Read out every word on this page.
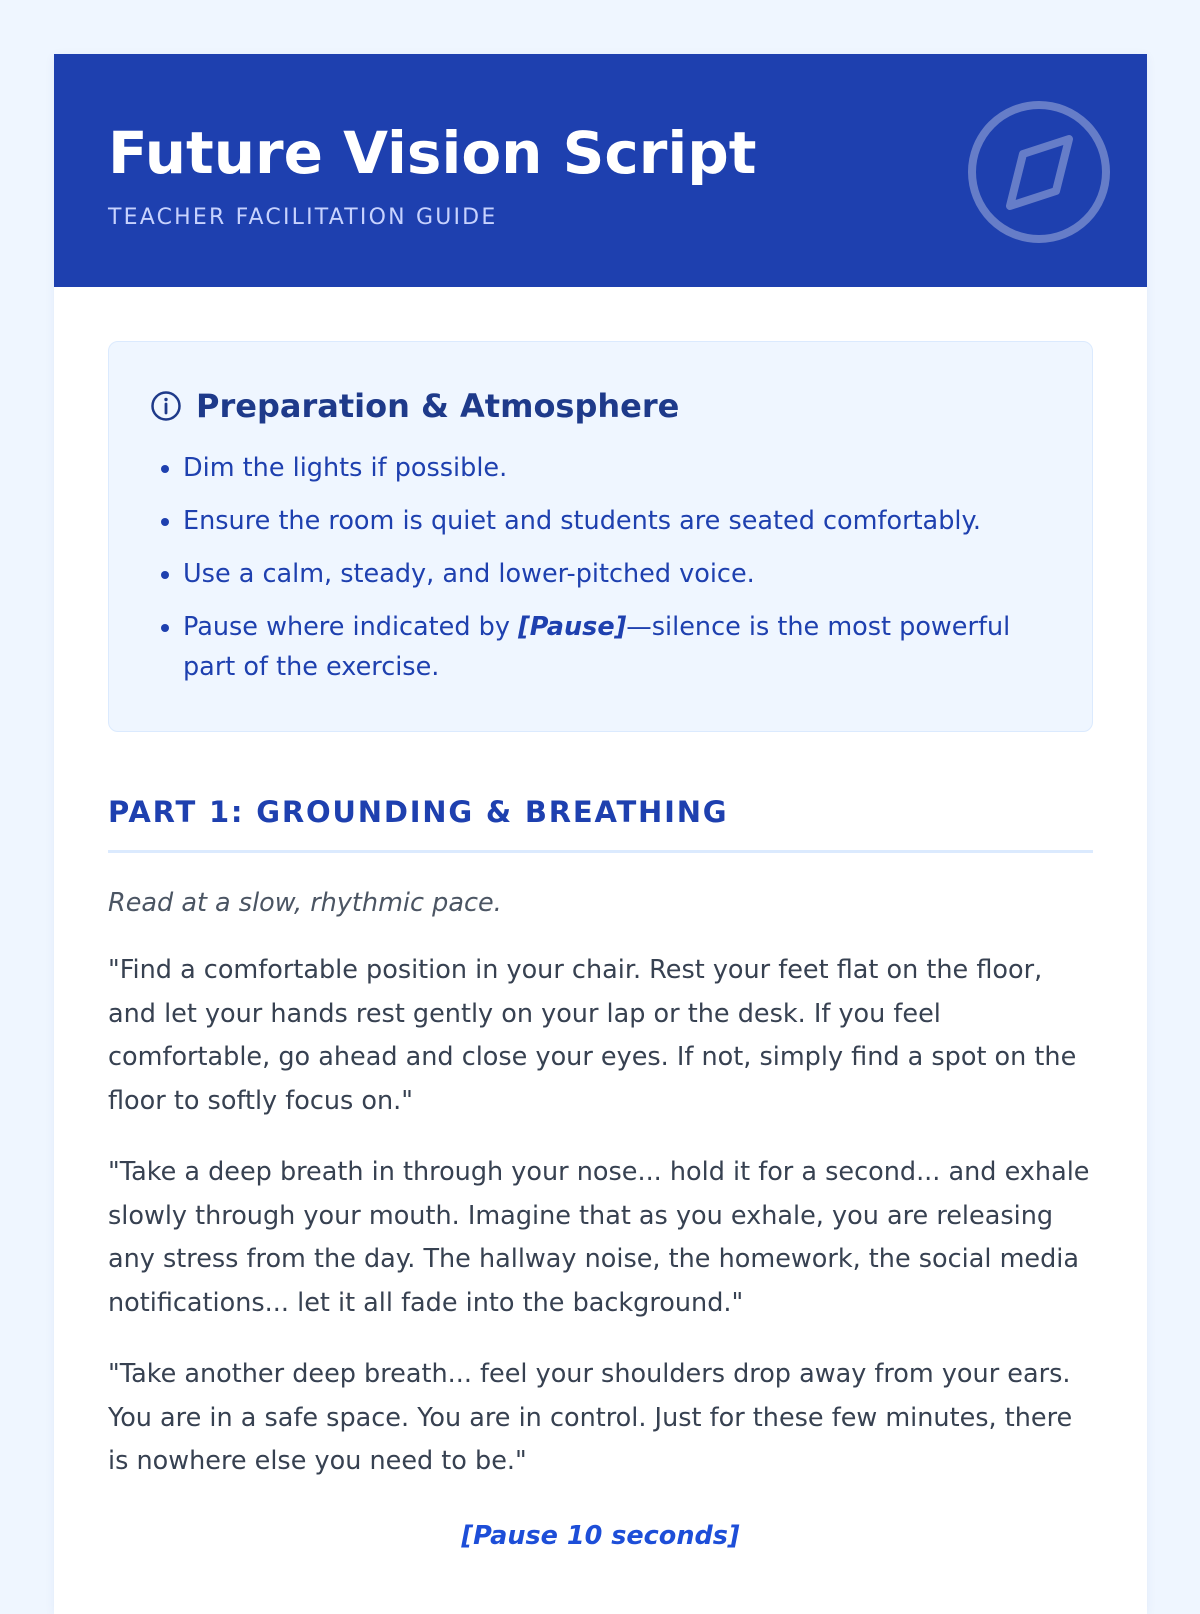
Future Vision Script
TEACHER FACILITATION GUIDE
Preparation & Atmosphere
• Dim the lights if possible.
• Ensure the room is quiet and students are seated comfortably.
• Use a calm, steady, and lower-pitched voice.
• Pause where indicated by [Pause]—silence is the most powerful part of the exercise.
PART 1: GROUNDING & BREATHING

Read at a slow, rhythmic pace.

"Find a comfortable position in your chair. Rest your feet flat on the floor, and let your hands rest gently on your lap or the desk. If you feel comfortable, go ahead and close your eyes. If not, simply find a spot on the floor to softly focus on."

"Take a deep breath in through your nose... hold it for a second... and exhale slowly through your mouth. Imagine that as you exhale, you are releasing any stress from the day. The hallway noise, the homework, the social media notifications... let it all fade into the background."

"Take another deep breath... feel your shoulders drop away from your ears. You are in a safe space. You are in control. Just for these few minutes, there is nowhere else you need to be."

[Pause 10 seconds]
